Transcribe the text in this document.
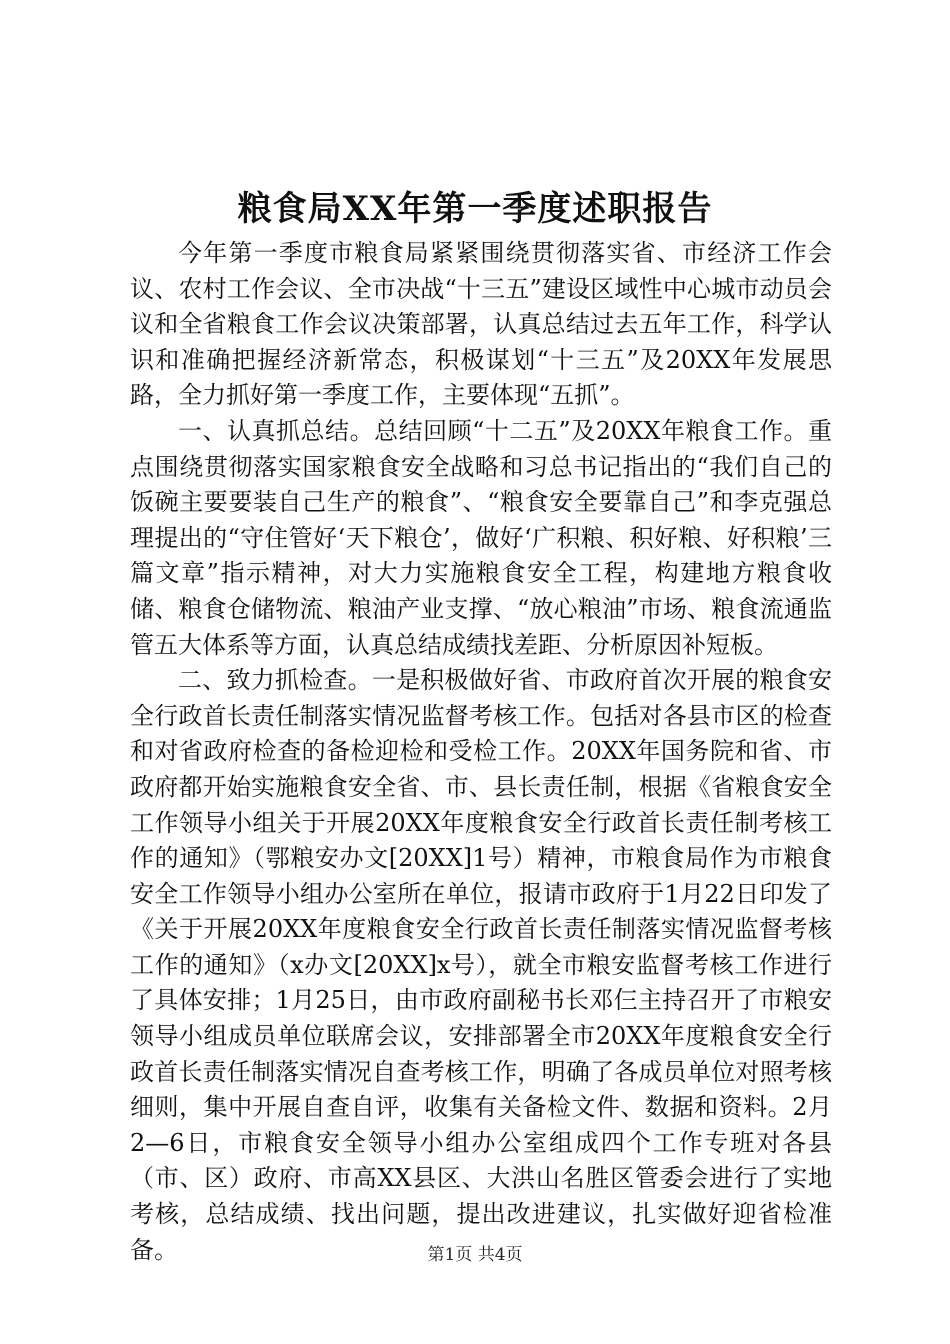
粮食局XX年第一季度述职报告

今年第一季度市粮食局紧紧围绕贯彻落实省、市经济工作会议、农村工作会议、全市决战“十三五”建设区域性中心城市动员会议和全省粮食工作会议决策部署，认真总结过去五年工作，科学认识和准确把握经济新常态，积极谋划“十三五”及20XX年发展思路，全力抓好第一季度工作，主要体现“五抓”。

一、认真抓总结。总结回顾“十二五”及20XX年粮食工作。重点围绕贯彻落实国家粮食安全战略和习总书记指出的“我们自己的饭碗主要要装自己生产的粮食”、“粮食安全要靠自己”和李克强总理提出的“守住管好‘天下粮仓’，做好‘广积粮、积好粮、好积粮’三篇文章”指示精神，对大力实施粮食安全工程，构建地方粮食收储、粮食仓储物流、粮油产业支撑、“放心粮油”市场、粮食流通监管五大体系等方面，认真总结成绩找差距、分析原因补短板。

二、致力抓检查。一是积极做好省、市政府首次开展的粮食安全行政首长责任制落实情况监督考核工作。包括对各县市区的检查和对省政府检查的备检迎检和受检工作。20XX年国务院和省、市政府都开始实施粮食安全省、市、县长责任制，根据《省粮食安全工作领导小组关于开展20XX年度粮食安全行政首长责任制考核工作的通知》（鄂粮安办文[20XX]1号）精神，市粮食局作为市粮食安全工作领导小组办公室所在单位，报请市政府于1月22日印发了《关于开展20XX年度粮食安全行政首长责任制落实情况监督考核工作的通知》（x办文[20XX]x号），就全市粮安监督考核工作进行了具体安排；1月25日，由市政府副秘书长邓仨主持召开了市粮安领导小组成员单位联席会议，安排部署全市20XX年度粮食安全行政首长责任制落实情况自查考核工作，明确了各成员单位对照考核细则，集中开展自查自评，收集有关备检文件、数据和资料。2月2—6日，市粮食安全领导小组办公室组成四个工作专班对各县（市、区）政府、市高XX县区、大洪山名胜区管委会进行了实地考核，总结成绩、找出问题，提出改进建议，扎实做好迎省检准备。	第1页 共4页
